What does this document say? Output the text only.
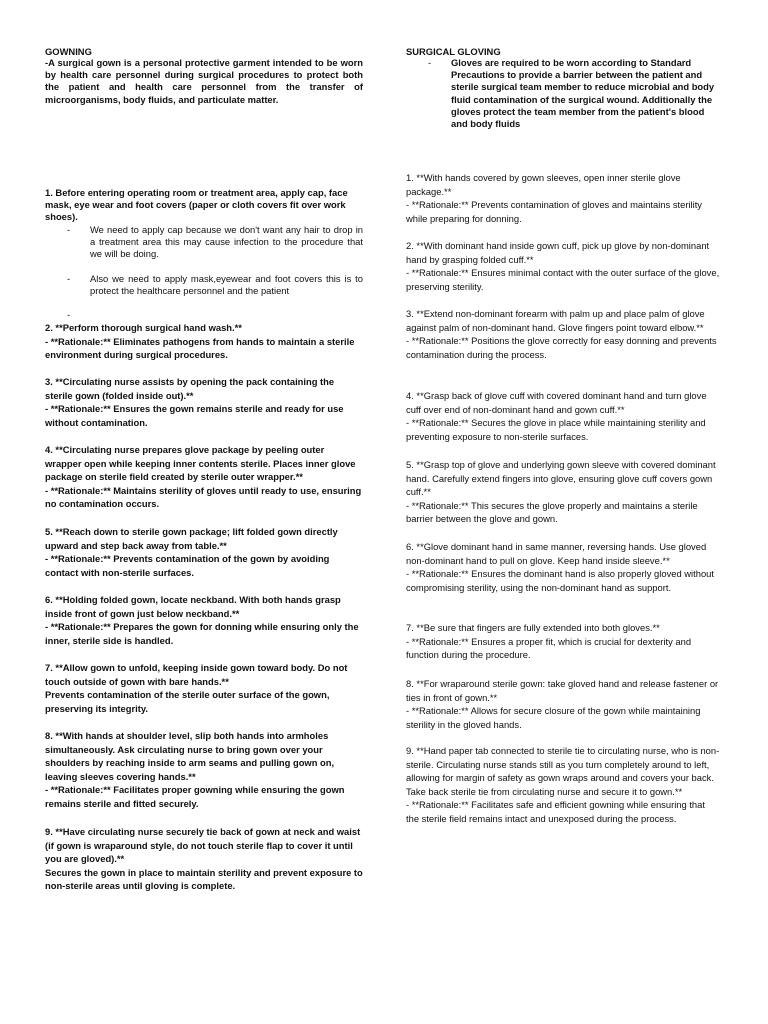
GOWNING
-A surgical gown is a personal protective garment intended to be worn by health care personnel during surgical procedures to protect both the patient and health care personnel from the transfer of microorganisms, body fluids, and particulate matter.
1. Before entering operating room or treatment area, apply cap, face mask, eye wear and foot covers (paper or cloth covers fit over work shoes).
-	We need to apply cap because we don't want any hair to drop in a treatment area this may cause infection to the procedure that we will be doing.
-	Also we need to apply mask,eyewear and foot covers this is to protect the healthcare personnel and the patient
-
2. **Perform thorough surgical hand wash.**
- **Rationale:** Eliminates pathogens from hands to maintain a sterile environment during surgical procedures.
3. **Circulating nurse assists by opening the pack containing the sterile gown (folded inside out).**
- **Rationale:** Ensures the gown remains sterile and ready for use without contamination.
4. **Circulating nurse prepares glove package by peeling outer wrapper open while keeping inner contents sterile. Places inner glove package on sterile field created by sterile outer wrapper.**
- **Rationale:** Maintains sterility of gloves until ready to use, ensuring no contamination occurs.
5. **Reach down to sterile gown package; lift folded gown directly upward and step back away from table.**
- **Rationale:** Prevents contamination of the gown by avoiding contact with non-sterile surfaces.
6. **Holding folded gown, locate neckband. With both hands grasp inside front of gown just below neckband.**
- **Rationale:** Prepares the gown for donning while ensuring only the inner, sterile side is handled.
7. **Allow gown to unfold, keeping inside gown toward body. Do not touch outside of gown with bare hands.**
Prevents contamination of the sterile outer surface of the gown, preserving its integrity.
8. **With hands at shoulder level, slip both hands into armholes simultaneously. Ask circulating nurse to bring gown over your shoulders by reaching inside to arm seams and pulling gown on, leaving sleeves covering hands.**
- **Rationale:** Facilitates proper gowning while ensuring the gown remains sterile and fitted securely.
9. **Have circulating nurse securely tie back of gown at neck and waist (if gown is wraparound style, do not touch sterile flap to cover it until you are gloved).**
Secures the gown in place to maintain sterility and prevent exposure to non-sterile areas until gloving is complete.
SURGICAL GLOVING
-	Gloves are required to be worn according to Standard Precautions to provide a barrier between the patient and sterile surgical team member to reduce microbial and body fluid contamination of the surgical wound. Additionally the gloves protect the team member from the patient's blood and body fluids
1. **With hands covered by gown sleeves, open inner sterile glove package.**
- **Rationale:** Prevents contamination of gloves and maintains sterility while preparing for donning.
2. **With dominant hand inside gown cuff, pick up glove by non-dominant hand by grasping folded cuff.**
- **Rationale:** Ensures minimal contact with the outer surface of the glove, preserving sterility.
3. **Extend non-dominant forearm with palm up and place palm of glove against palm of non-dominant hand. Glove fingers point toward elbow.**
- **Rationale:** Positions the glove correctly for easy donning and prevents contamination during the process.
4. **Grasp back of glove cuff with covered dominant hand and turn glove cuff over end of non-dominant hand and gown cuff.**
- **Rationale:** Secures the glove in place while maintaining sterility and preventing exposure to non-sterile surfaces.
5. **Grasp top of glove and underlying gown sleeve with covered dominant hand. Carefully extend fingers into glove, ensuring glove cuff covers gown cuff.**
- **Rationale:** This secures the glove properly and maintains a sterile barrier between the glove and gown.
6. **Glove dominant hand in same manner, reversing hands. Use gloved non-dominant hand to pull on glove. Keep hand inside sleeve.**
- **Rationale:** Ensures the dominant hand is also properly gloved without compromising sterility, using the non-dominant hand as support.
7. **Be sure that fingers are fully extended into both gloves.**
- **Rationale:** Ensures a proper fit, which is crucial for dexterity and function during the procedure.
8. **For wraparound sterile gown: take gloved hand and release fastener or ties in front of gown.**
- **Rationale:** Allows for secure closure of the gown while maintaining sterility in the gloved hands.
9. **Hand paper tab connected to sterile tie to circulating nurse, who is non-sterile. Circulating nurse stands still as you turn completely around to left, allowing for margin of safety as gown wraps around and covers your back. Take back sterile tie from circulating nurse and secure it to gown.**
- **Rationale:** Facilitates safe and efficient gowning while ensuring that the sterile field remains intact and unexposed during the process.
